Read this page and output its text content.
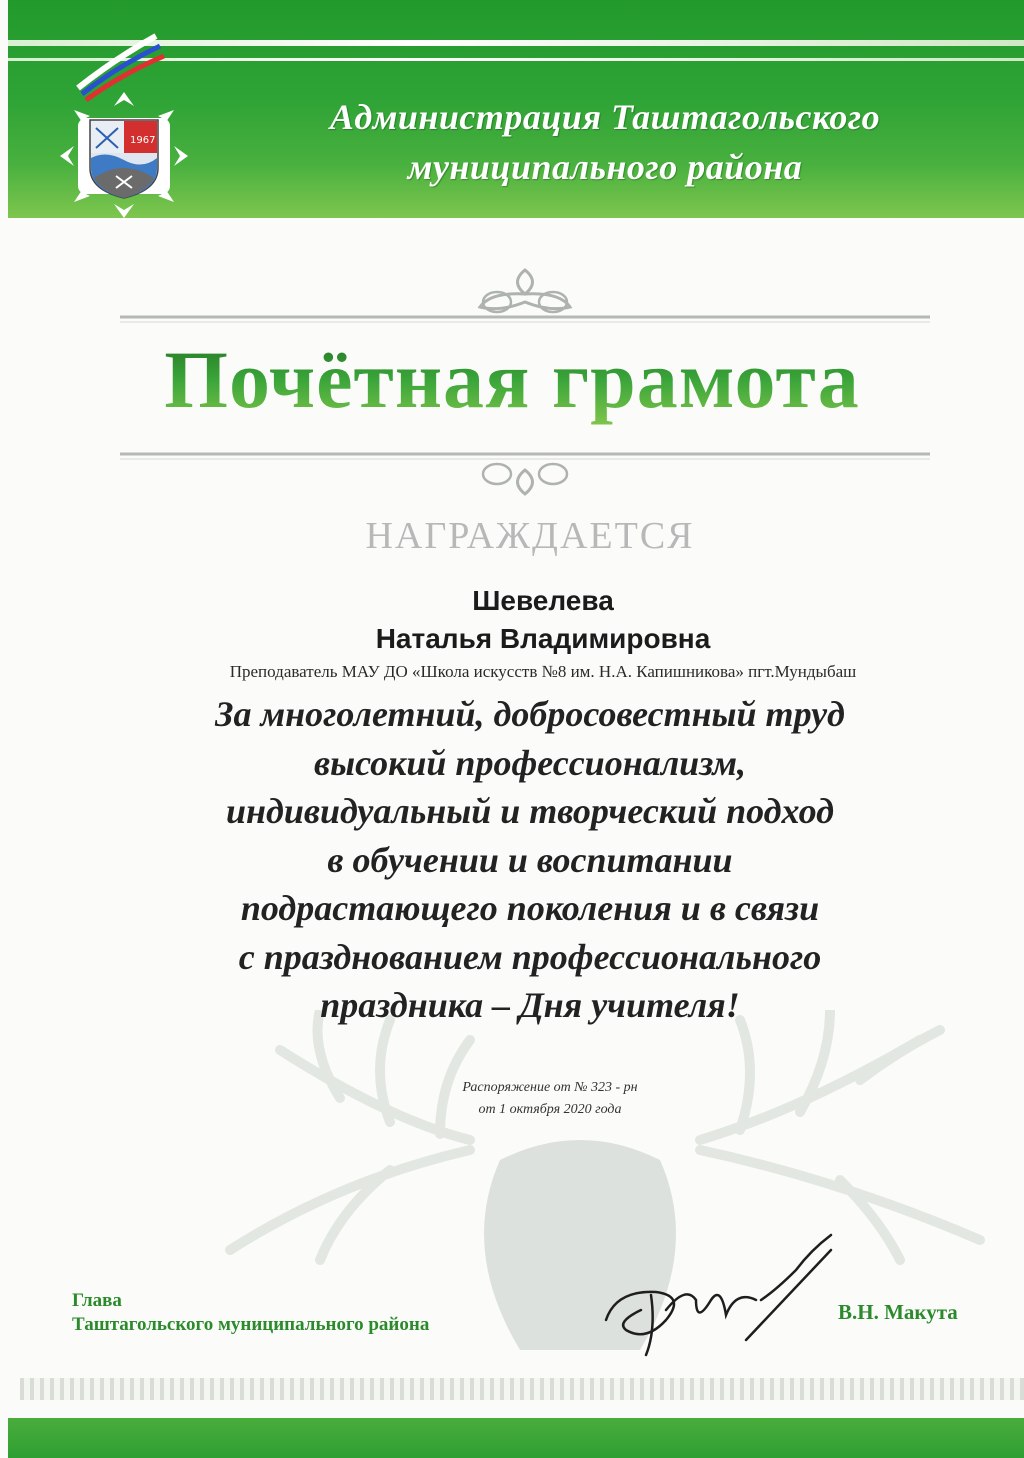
1967
Администрация Таштагольского
муниципального района
Почётная грамота
НАГРАЖДАЕТСЯ
Шевелева
Наталья Владимировна
Преподаватель МАУ ДО «Школа искусств №8 им. Н.А. Капишникова» пгт.Мундыбаш
За многолетний, добросовестный труд
высокий профессионализм,
индивидуальный и творческий подход
в обучении и воспитании
подрастающего поколения и в связи
с празднованием профессионального
праздника – Дня учителя!
Распоряжение от № 323 - рн
от 1 октября 2020 года
Глава
Таштагольского муниципального района
В.Н. Макута
